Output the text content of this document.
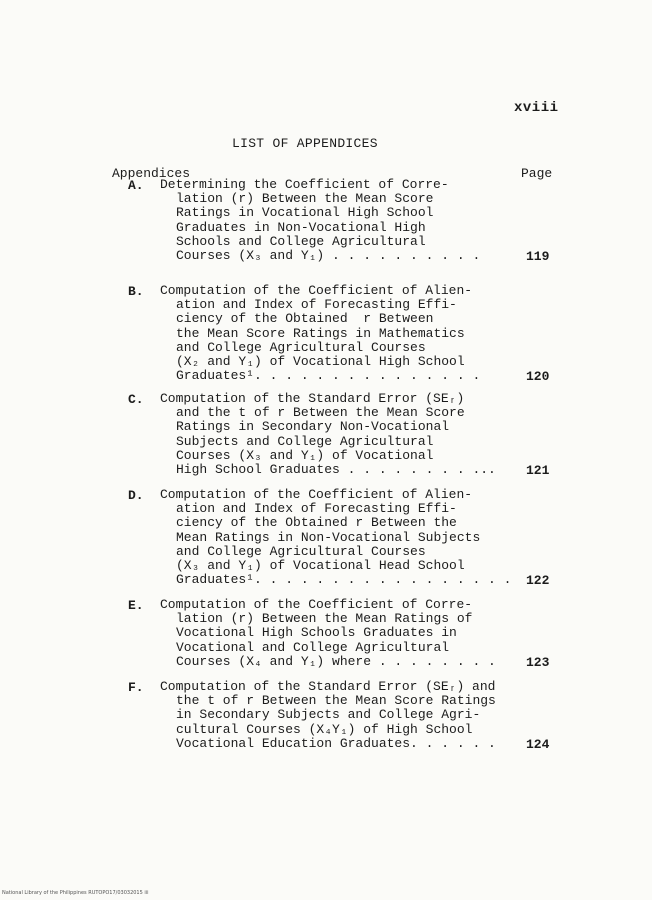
xviii
LIST OF APPENDICES
Appendices	Page
A. Determining the Coefficient of Corre-
lation (r) Between the Mean Score
Ratings in Vocational High School
Graduates in Non-Vocational High
Schools and College Agricultural
Courses (X₃ and Y₁) . . . . . . . . . .	119
B. Computation of the Coefficient of Alien-
ation and Index of Forecasting Effi-
ciency of the Obtained  r Between
the Mean Score Ratings in Mathematics
and College Agricultural Courses
(X₂ and Y₁) of Vocational High School
Graduates¹. . . . . . . . . . . . . . .	120
C. Computation of the Standard Error (SEᵣ)
and the t of r Between the Mean Score
Ratings in Secondary Non-Vocational
Subjects and College Agricultural
Courses (X₃ and Y₁) of Vocational
High School Graduates . . . . . . . . ... 121
D. Computation of the Coefficient of Alien-
ation and Index of Forecasting Effi-
ciency of the Obtained r Between the
Mean Ratings in Non-Vocational Subjects
and College Agricultural Courses
(X₃ and Y₁) of Vocational Head School
Graduates¹. . . . . . . . . . . . . . . . . 122
E. Computation of the Coefficient of Corre-
lation (r) Between the Mean Ratings of
Vocational High Schools Graduates in
Vocational and College Agricultural
Courses (X₄ and Y₁) where . . . . . . . . 123
F. Computation of the Standard Error (SEᵣ) and
the t of r Between the Mean Score Ratings
in Secondary Subjects and College Agri-
cultural Courses (X₄Y₁) of High School
Vocational Education Graduates. . . . . . 124
National Library of the Philippines RUTOPO17/03032015 iii
